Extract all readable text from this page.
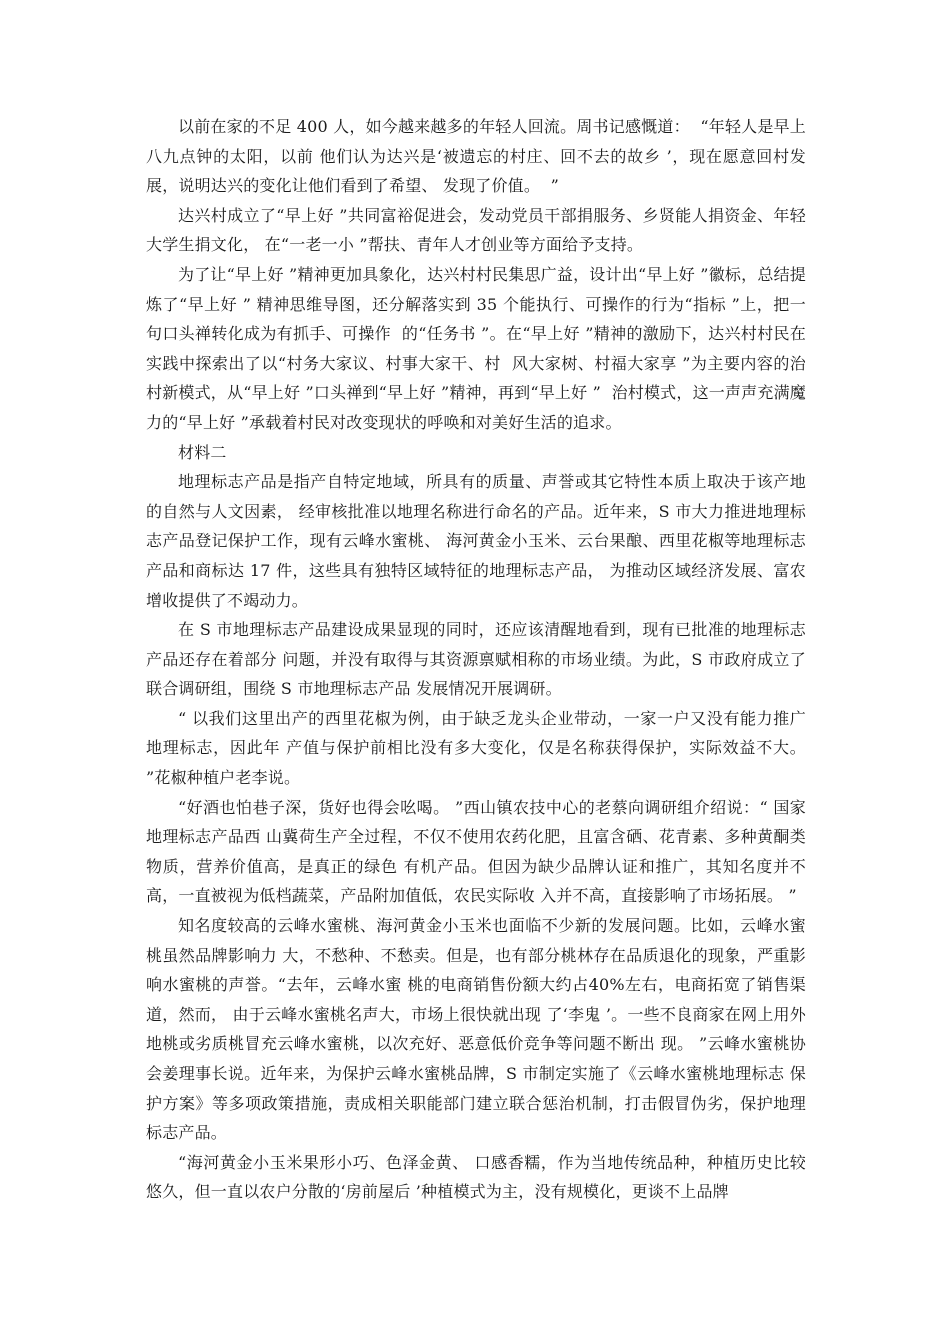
以前在家的不足 400 人，如今越来越多的年轻人回流。周书记感慨道：  “年轻人是早上八九点钟的太阳，以前 他们认为达兴是‘被遗忘的村庄、回不去的故乡 ’，现在愿意回村发展，说明达兴的变化让他们看到了希望、 发现了价值。  ”

达兴村成立了“早上好 ”共同富裕促进会，发动党员干部捐服务、乡贤能人捐资金、年轻大学生捐文化， 在“一老一小 ”帮扶、青年人才创业等方面给予支持。

为了让“早上好 ”精神更加具象化，达兴村村民集思广益，设计出“早上好 ”徽标，总结提炼了“早上好 ” 精神思维导图，还分解落实到 35 个能执行、可操作的行为“指标 ”上，把一句口头禅转化成为有抓手、可操作  的“任务书 ”。在“早上好 ”精神的激励下，达兴村村民在实践中探索出了以“村务大家议、村事大家干、村  风大家树、村福大家享 ”为主要内容的治村新模式，从“早上好 ”口头禅到“早上好 ”精神，再到“早上好 ”  治村模式，这一声声充满魔力的“早上好 ”承载着村民对改变现状的呼唤和对美好生活的追求。

材料二

地理标志产品是指产自特定地域，所具有的质量、声誉或其它特性本质上取决于该产地的自然与人文因素， 经审核批准以地理名称进行命名的产品。近年来，S 市大力推进地理标志产品登记保护工作，现有云峰水蜜桃、 海河黄金小玉米、云台果酿、西里花椒等地理标志产品和商标达 17 件，这些具有独特区域特征的地理标志产品， 为推动区域经济发展、富农增收提供了不竭动力。

在 S 市地理标志产品建设成果显现的同时，还应该清醒地看到，现有已批准的地理标志产品还存在着部分 问题，并没有取得与其资源禀赋相称的市场业绩。为此，S 市政府成立了联合调研组，围绕 S 市地理标志产品 发展情况开展调研。

“ 以我们这里出产的西里花椒为例，由于缺乏龙头企业带动，一家一户又没有能力推广地理标志，因此年 产值与保护前相比没有多大变化，仅是名称获得保护，实际效益不大。 ”花椒种植户老李说。

“好酒也怕巷子深，货好也得会吆喝。 ”西山镇农技中心的老蔡向调研组介绍说：“ 国家地理标志产品西 山冀荷生产全过程，不仅不使用农药化肥，且富含硒、花青素、多种黄酮类物质，营养价值高，是真正的绿色 有机产品。但因为缺少品牌认证和推广，其知名度并不高，一直被视为低档蔬菜，产品附加值低，农民实际收 入并不高，直接影响了市场拓展。 ”

知名度较高的云峰水蜜桃、海河黄金小玉米也面临不少新的发展问题。比如，云峰水蜜桃虽然品牌影响力 大，不愁种、不愁卖。但是，也有部分桃林存在品质退化的现象，严重影响水蜜桃的声誉。“去年，云峰水蜜 桃的电商销售份额大约占40%左右，电商拓宽了销售渠道，然而， 由于云峰水蜜桃名声大，市场上很快就出现 了‘李鬼 ’。一些不良商家在网上用外地桃或劣质桃冒充云峰水蜜桃，以次充好、恶意低价竞争等问题不断出 现。 ”云峰水蜜桃协会姜理事长说。近年来，为保护云峰水蜜桃品牌，S 市制定实施了《云峰水蜜桃地理标志 保护方案》等多项政策措施，责成相关职能部门建立联合惩治机制，打击假冒伪劣，保护地理标志产品。

“海河黄金小玉米果形小巧、色泽金黄、 口感香糯，作为当地传统品种，种植历史比较悠久，但一直以农户分散的‘房前屋后 ’种植模式为主，没有规模化，更谈不上品牌
